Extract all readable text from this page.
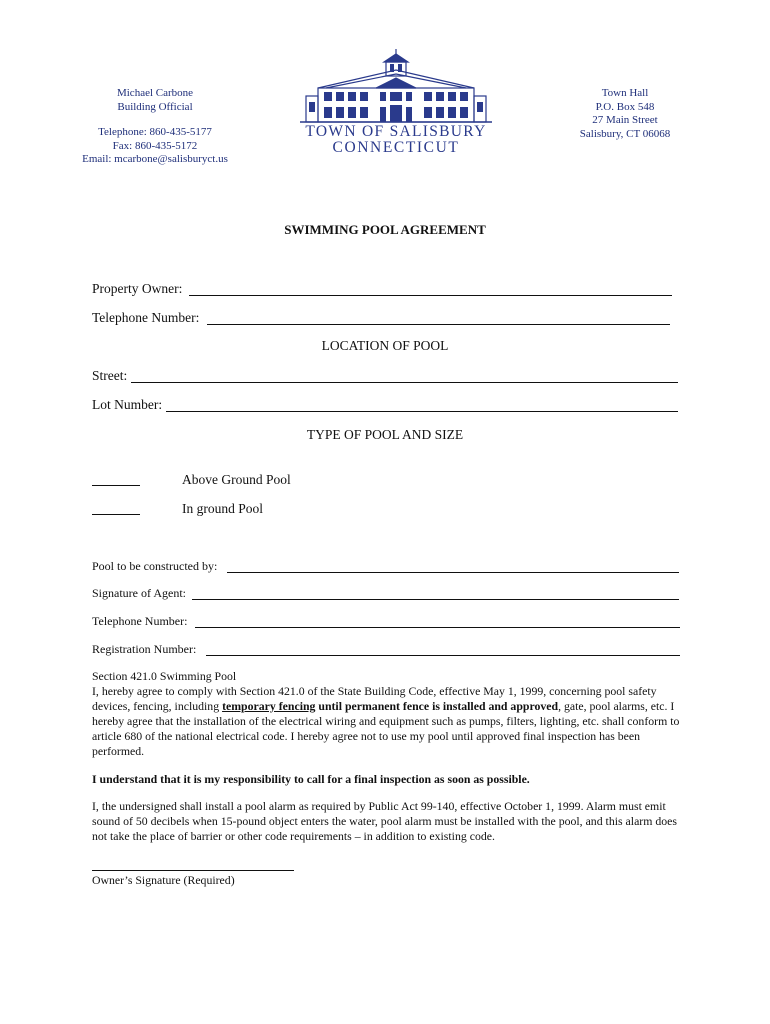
Michael Carbone
Building Official
Telephone: 860-435-5177
Fax: 860-435-5172
Email: mcarbone@salisburyct.us
Town Hall
P.O. Box 548
27 Main Street
Salisbury, CT 06068
TOWN OF SALISBURY
CONNECTICUT
SWIMMING POOL AGREEMENT
Property Owner:
Telephone Number:
LOCATION OF POOL
Street:
Lot Number:
TYPE OF POOL AND SIZE
Above Ground Pool
In ground Pool
Pool to be constructed by:
Signature of Agent:
Telephone Number:
Registration Number:
Section 421.0 Swimming Pool
I, hereby agree to comply with Section 421.0 of the State Building Code, effective May 1, 1999, concerning pool safety devices, fencing, including temporary fencing until permanent fence is installed and approved, gate, pool alarms, etc. I hereby agree that the installation of the electrical wiring and equipment such as pumps, filters, lighting, etc. shall conform to article 680 of the national electrical code. I hereby agree not to use my pool until approved final inspection has been performed.
I understand that it is my responsibility to call for a final inspection as soon as possible.
I, the undersigned shall install a pool alarm as required by Public Act 99-140, effective October 1, 1999. Alarm must emit sound of 50 decibels when 15-pound object enters the water, pool alarm must be installed with the pool, and this alarm does not take the place of barrier or other code requirements – in addition to existing code.
Owner’s Signature (Required)
